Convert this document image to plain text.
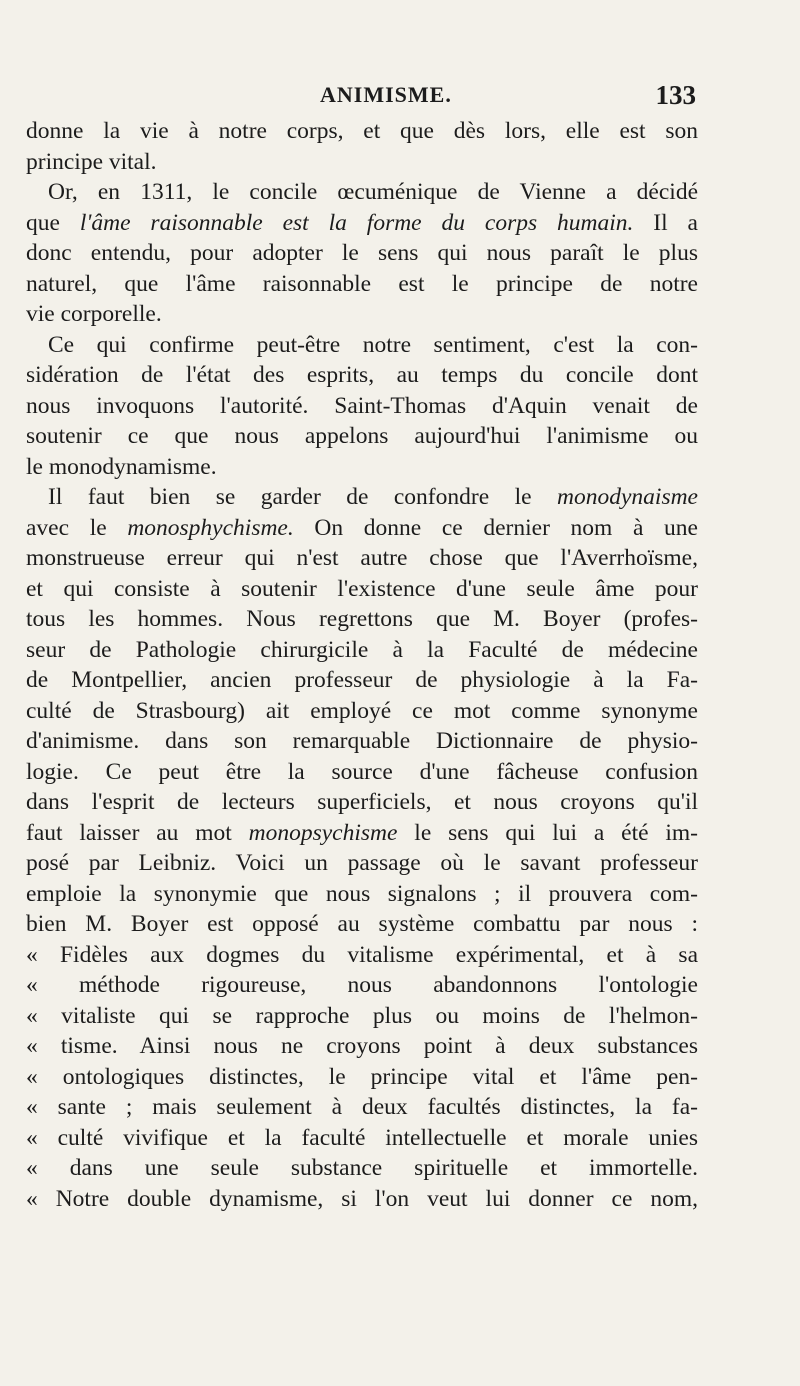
ANIMISME.	133
donne la vie à notre corps, et que dès lors, elle est son
principe vital.
Or, en 1311, le concile œcuménique de Vienne a décidé
que l'âme raisonnable est la forme du corps humain. Il a
donc entendu, pour adopter le sens qui nous paraît le plus
naturel, que l'âme raisonnable est le principe de notre
vie corporelle.
Ce qui confirme peut-être notre sentiment, c'est la con-
sidération de l'état des esprits, au temps du concile dont
nous invoquons l'autorité. Saint-Thomas d'Aquin venait de
soutenir ce que nous appelons aujourd'hui l'animisme ou
le monodynamisme.
Il faut bien se garder de confondre le monodynaisme
avec le monosphychisme. On donne ce dernier nom à une
monstrueuse erreur qui n'est autre chose que l'Averrhoïsme,
et qui consiste à soutenir l'existence d'une seule âme pour
tous les hommes. Nous regrettons que M. Boyer (profes-
seur de Pathologie chirurgicile à la Faculté de médecine
de Montpellier, ancien professeur de physiologie à la Fa-
culté de Strasbourg) ait employé ce mot comme synonyme
d'animisme. dans son remarquable Dictionnaire de physio-
logie. Ce peut être la source d'une fâcheuse confusion
dans l'esprit de lecteurs superficiels, et nous croyons qu'il
faut laisser au mot monopsychisme le sens qui lui a été im-
posé par Leibniz. Voici un passage où le savant professeur
emploie la synonymie que nous signalons ; il prouvera com-
bien M. Boyer est opposé au système combattu par nous :
« Fidèles aux dogmes du vitalisme expérimental, et à sa
« méthode rigoureuse, nous abandonnons l'ontologie
« vitaliste qui se rapproche plus ou moins de l'helmon-
« tisme. Ainsi nous ne croyons point à deux substances
« ontologiques distinctes, le principe vital et l'âme pen-
« sante ; mais seulement à deux facultés distinctes, la fa-
« culté vivifique et la faculté intellectuelle et morale unies
« dans une seule substance spirituelle et immortelle.
« Notre double dynamisme, si l'on veut lui donner ce nom,
